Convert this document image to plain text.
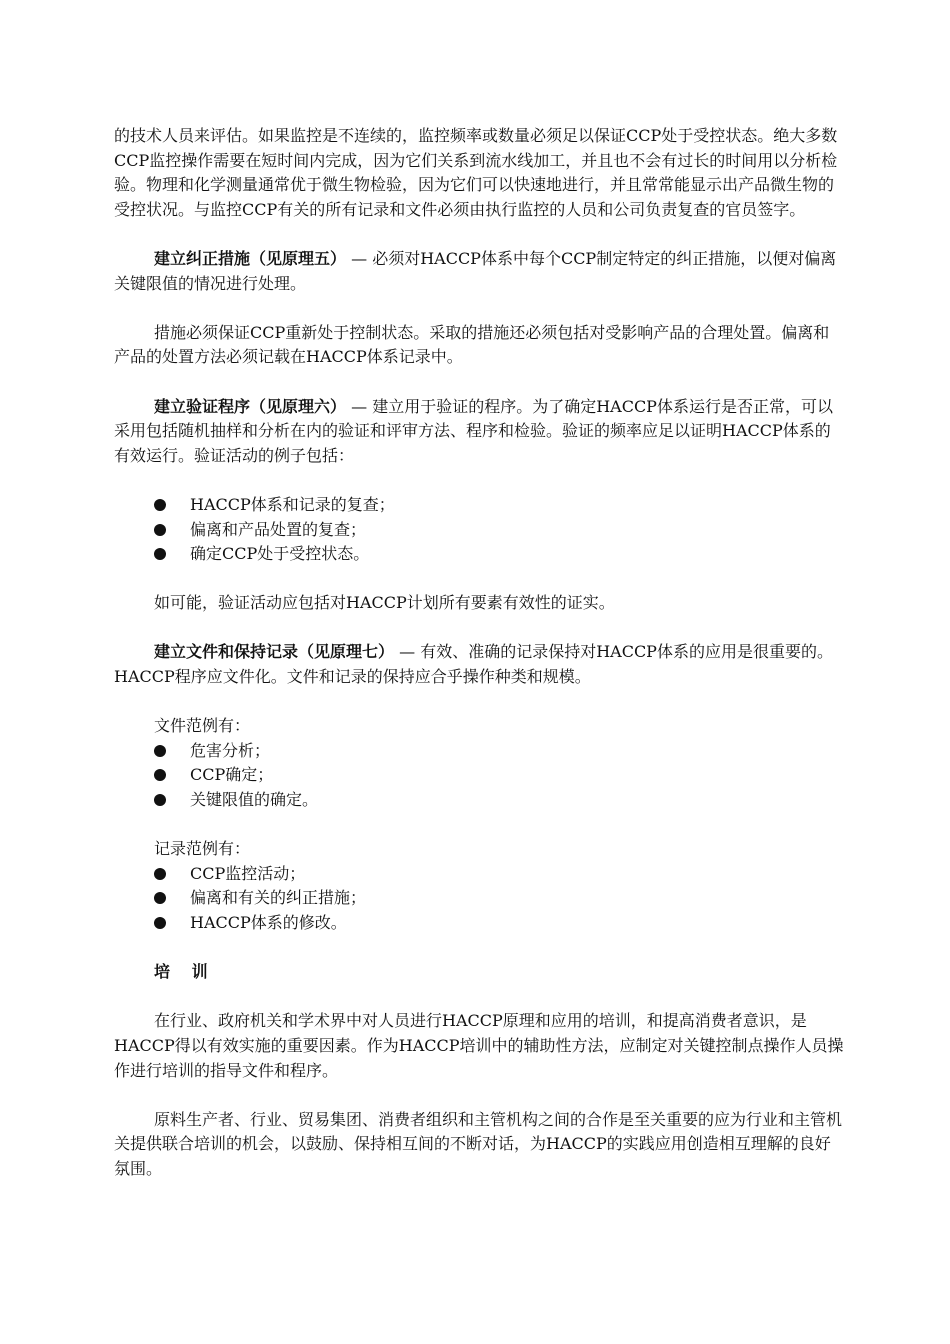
的技术人员来评估。如果监控是不连续的，监控频率或数量必须足以保证CCP处于受控状态。绝大多数CCP监控操作需要在短时间内完成，因为它们关系到流水线加工，并且也不会有过长的时间用以分析检验。物理和化学测量通常优于微生物检验，因为它们可以快速地进行，并且常常能显示出产品微生物的受控状况。与监控CCP有关的所有记录和文件必须由执行监控的人员和公司负责复查的官员签字。

建立纠正措施（见原理五） — 必须对HACCP体系中每个CCP制定特定的纠正措施，以便对偏离关键限值的情况进行处理。

措施必须保证CCP重新处于控制状态。采取的措施还必须包括对受影响产品的合理处置。偏离和产品的处置方法必须记载在HACCP体系记录中。

建立验证程序（见原理六） — 建立用于验证的程序。为了确定HACCP体系运行是否正常，可以采用包括随机抽样和分析在内的验证和评审方法、程序和检验。验证的频率应足以证明HACCP体系的有效运行。验证活动的例子包括：

HACCP体系和记录的复查；
偏离和产品处置的复查；
确定CCP处于受控状态。

如可能，验证活动应包括对HACCP计划所有要素有效性的证实。

建立文件和保持记录（见原理七） — 有效、准确的记录保持对HACCP体系的应用是很重要的。HACCP程序应文件化。文件和记录的保持应合乎操作种类和规模。

文件范例有：
危害分析；
CCP确定；
关键限值的确定。
记录范例有：
CCP监控活动；
偏离和有关的纠正措施；
HACCP体系的修改。
培 训

在行业、政府机关和学术界中对人员进行HACCP原理和应用的培训，和提高消费者意识，是HACCP得以有效实施的重要因素。作为HACCP培训中的辅助性方法，应制定对关键控制点操作人员操作进行培训的指导文件和程序。

原料生产者、行业、贸易集团、消费者组织和主管机构之间的合作是至关重要的应为行业和主管机关提供联合培训的机会，以鼓励、保持相互间的不断对话，为HACCP的实践应用创造相互理解的良好氛围。
